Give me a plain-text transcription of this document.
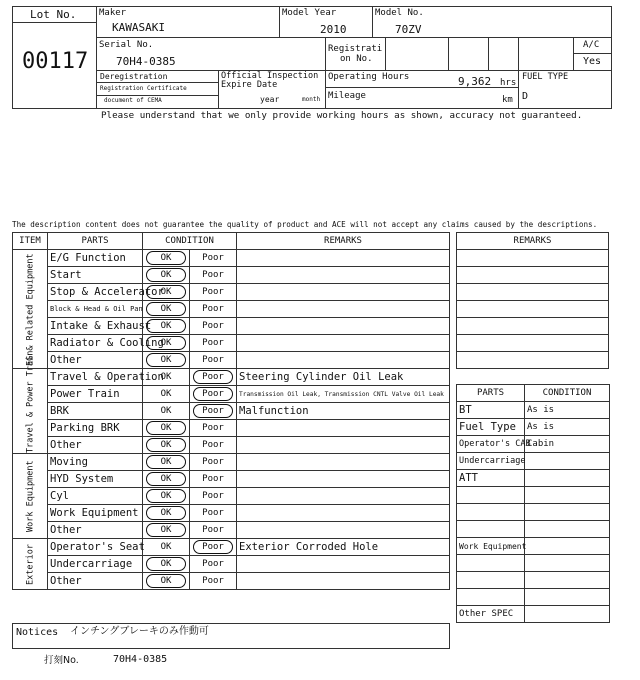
Lot No.
00117
Maker
KAWASAKI
Model Year
2010
Model No.
70ZV
Serial No.
70H4-0385
Registrati
on No.
A/C
Yes
Deregistration
Registration Certificate
document of CEMA
Official Inspection
Expire Date
year	month
Operating Hours	9,362 hrs
Mileage	km
FUEL TYPE
D
Please understand that we only provide working hours as shown, accuracy not guaranteed.
The description content does not guarantee the quality of product and ACE will not accept any claims caused by the descriptions.
ITEM	PARTS	CONDITION		REMARKS
EG & Related Equipment	E/G Function	OK	Poor	
	Start	OK	Poor	
	Stop & Accelerator	OK	Poor	
	Block & Head & Oil Pan	OK	Poor	
	Intake & Exhaust	OK	Poor	
	Radiator & Cooling	OK	Poor	
	Other	OK	Poor	
Travel & Power Train	Travel & Operation	OK	Poor	Steering Cylinder Oil Leak
	Power Train	OK	Poor	Transmission Oil Leak, Transmission CNTL Valve Oil Leak
	BRK	OK	Poor	Malfunction
	Parking BRK	OK	Poor	
	Other	OK	Poor	
Work Equipment	Moving	OK	Poor	
	HYD System	OK	Poor	
	Cyl	OK	Poor	
	Work Equipment	OK	Poor	
	Other	OK	Poor	
Exterior	Operator's Seat	OK	Poor	Exterior Corroded Hole
	Undercarriage	OK	Poor	
	Other	OK	Poor	
REMARKS

PARTS	CONDITION
BT	As is
Fuel Type	As is
Operator's CAB	Cabin
Undercarriage	
ATT	

Work Equipment	

Other SPEC	
Notices インチングブレーキのみ作動可
打刻No.	70H4-0385
